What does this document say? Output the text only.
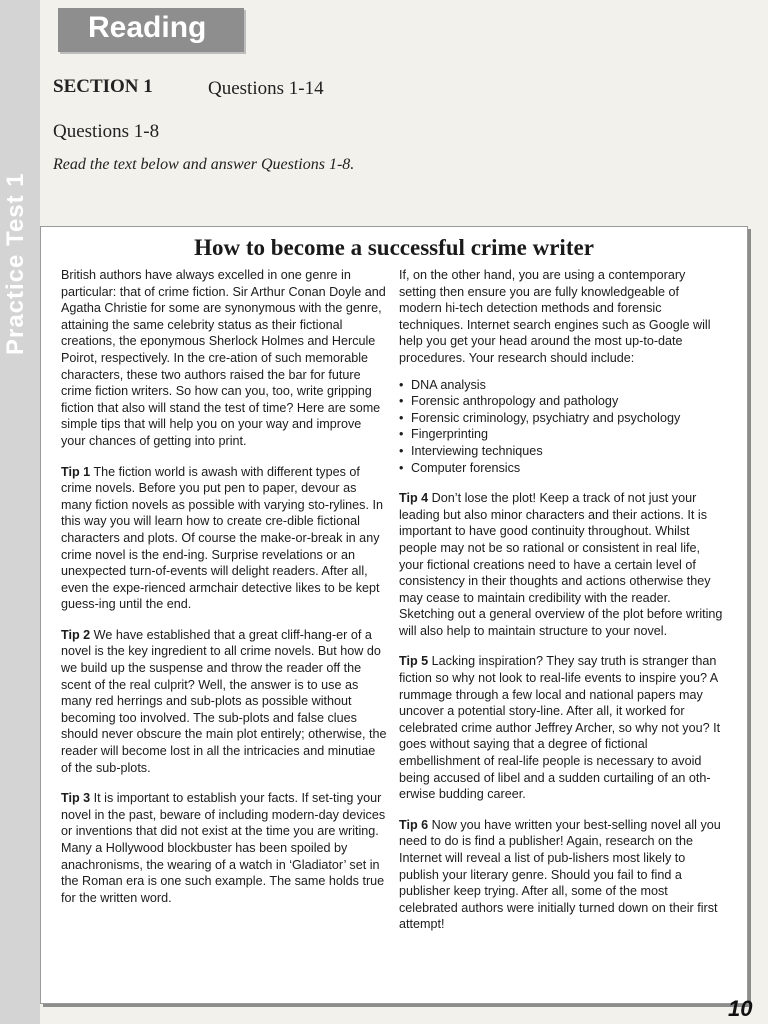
Practice Test 1
Reading
SECTION 1	Questions 1-14
Questions 1-8
Read the text below and answer Questions 1-8.
How to become a successful crime writer

British authors have always excelled in one genre in particular: that of crime fiction. Sir Arthur Conan Doyle and Agatha Christie for some are synonymous with the genre, attaining the same celebrity status as their fictional creations, the eponymous Sherlock Holmes and Hercule Poirot, respectively. In the cre-ation of such memorable characters, these two authors raised the bar for future crime fiction writers. So how can you, too, write gripping fiction that also will stand the test of time? Here are some simple tips that will help you on your way and improve your chances of getting into print.

Tip 1 The fiction world is awash with different types of crime novels. Before you put pen to paper, devour as many fiction novels as possible with varying sto-rylines. In this way you will learn how to create cre-dible fictional characters and plots. Of course the make-or-break in any crime novel is the end-ing. Surprise revelations or an unexpected turn-of-events will delight readers. After all, even the expe-rienced armchair detective likes to be kept guess-ing until the end.

Tip 2 We have established that a great cliff-hang-er of a novel is the key ingredient to all crime novels. But how do we build up the suspense and throw the reader off the scent of the real culprit? Well, the answer is to use as many red herrings and sub-plots as possible without becoming too involved. The sub-plots and false clues should never obscure the main plot entirely; otherwise, the reader will become lost in all the intricacies and minutiae of the sub-plots.

Tip 3 It is important to establish your facts. If set-ting your novel in the past, beware of including modern-day devices or inventions that did not exist at the time you are writing. Many a Hollywood blockbuster has been spoiled by anachronisms, the wearing of a watch in ‘Gladiator’ set in the Roman era is one such example. The same holds true for the written word.

If, on the other hand, you are using a contemporary setting then ensure you are fully knowledgeable of modern hi-tech detection methods and forensic techniques. Internet search engines such as Google will help you get your head around the most up-to-date procedures. Your research should include:

• DNA analysis
• Forensic anthropology and pathology
• Forensic criminology, psychiatry and psychology
• Fingerprinting
• Interviewing techniques
• Computer forensics

Tip 4 Don’t lose the plot! Keep a track of not just your leading but also minor characters and their actions. It is important to have good continuity throughout. Whilst people may not be so rational or consistent in real life, your fictional creations need to have a certain level of consistency in their thoughts and actions otherwise they may cease to maintain credibility with the reader. Sketching out a general overview of the plot before writing will also help to maintain structure to your novel.

Tip 5 Lacking inspiration? They say truth is stranger than fiction so why not look to real-life events to inspire you? A rummage through a few local and national papers may uncover a potential story-line. After all, it worked for celebrated crime author Jeffrey Archer, so why not you? It goes without saying that a degree of fictional embellishment of real-life people is necessary to avoid being accused of libel and a sudden curtailing of an oth-erwise budding career.

Tip 6 Now you have written your best-selling novel all you need to do is find a publisher! Again, research on the Internet will reveal a list of pub-lishers most likely to publish your literary genre. Should you fail to find a publisher keep trying. After all, some of the most celebrated authors were initially turned down on their first attempt!

10
